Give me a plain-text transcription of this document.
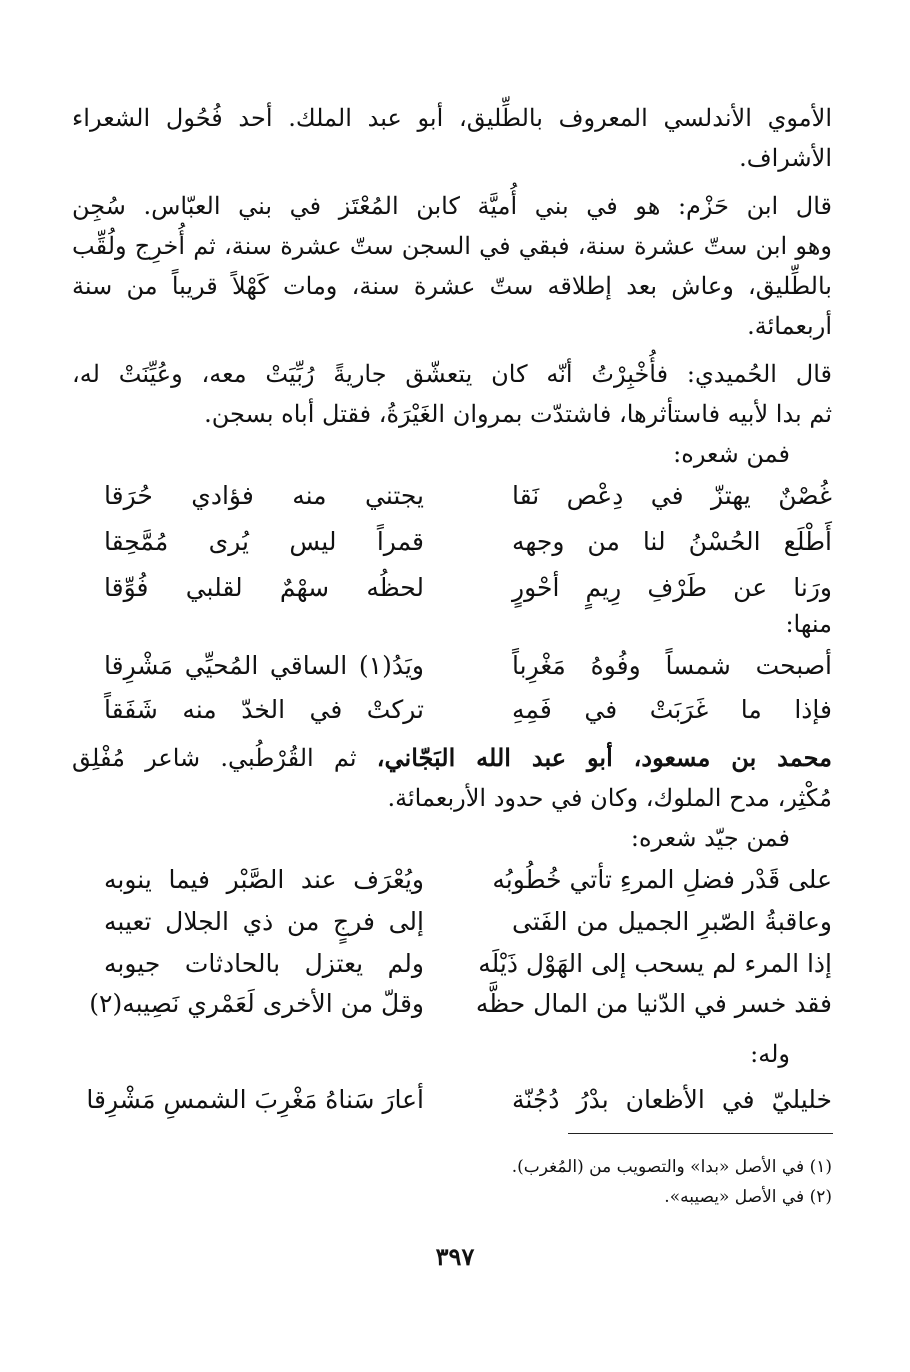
الأموي الأندلسي المعروف بالطِّليق، أبو عبد الملك. أحد فُحُول الشعراء
الأشراف.
قال ابن حَزْم: هو في بني أُميَّة كابن المُعْتَز في بني العبّاس. سُجِن
وهو ابن ستّ عشرة سنة، فبقي في السجن ستّ عشرة سنة، ثم أُخرِج ولُقِّب
بالطِّليق، وعاش بعد إطلاقه ستّ عشرة سنة، ومات كَهْلاً قريباً من سنة
أربعمائة.
قال الحُميدي: فأُخْبِرْتُ أنّه كان يتعشّق جاريةً رُبِّيَتْ معه، وعُيِّنَتْ له،
ثم بدا لأبيه فاستأثرها، فاشتدّت بمروان الغَيْرَةُ، فقتل أباه بسجن.
فمن شعره:
غُصْنٌ يهتزّ في دِعْص نَقا
يجتني منه فؤادي حُرَقا
أَطْلَع الحُسْنُ لنا من وجهه
قمراً ليس يُرى مُمَّحِقا
ورَنا عن طَرْفِ رِيمٍ أحْورٍ
لحظُه سهْمٌ لقلبي فُوِّقا
منها:
أصبحت شمساً وفُوهُ مَغْرِباً
ويَدُ(١) الساقي المُحيِّي مَشْرِقا
فإذا ما غَرَبَتْ في فَمِهِ
تركتْ في الخدّ منه شَفَقاً
محمد بن مسعود، أبو عبد الله البَجّاني، ثم القُرْطُبي. شاعر مُفْلِق
مُكْثِر، مدح الملوك، وكان في حدود الأربعمائة.
فمن جيّد شعره:
على قَدْر فضلِ المرءِ تأتي خُطُوبُه
ويُعْرَف عند الصَّبْر فيما ينوبه
وعاقبةُ الصّبرِ الجميل من الفَتى
إلى فرجٍ من ذي الجلال تعيبه
إذا المرء لم يسحب إلى الهَوْل ذَيْلَه
ولم يعتزل بالحادثات جيوبه
فقد خسر في الدّنيا من المال حظَّه
وقلّ من الأخرى لَعَمْري نَصِيبه(٢)
وله:
خليليّ في الأظعان بدْرُ دُجُنّة
أعارَ سَناهُ مَغْرِبَ الشمسِ مَشْرِقا
(١) في الأصل «بدا» والتصويب من (المُغرب).
(٢) في الأصل «يصيبه».
٣٩٧
